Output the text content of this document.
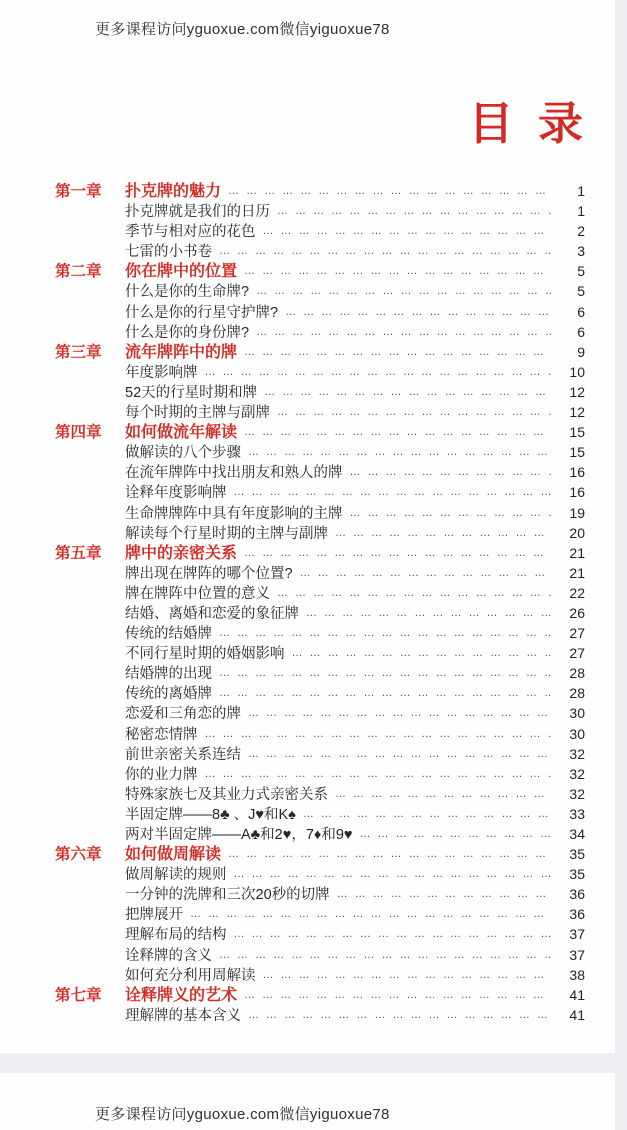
更多课程访问yguoxue.com微信yiguoxue78
目 录
第一章	扑克牌的魅力 … … … … … … … … … … … … … … … … … … … … … … … … … … … … … … … … … … … … … … … … … … … … … … … …	1
扑克牌就是我们的日历 … … … … … … … … … … … … … … … … … … … … … … … … … … … … … … … … … … … … … … … … … … … … … … … …	1
季节与相对应的花色 … … … … … … … … … … … … … … … … … … … … … … … … … … … … … … … … … … … … … … … … … … … … … … … …	2
七雷的小书卷 … … … … … … … … … … … … … … … … … … … … … … … … … … … … … … … … … … … … … … … … … … … … … … … …	3
第二章	你在牌中的位置 … … … … … … … … … … … … … … … … … … … … … … … … … … … … … … … … … … … … … … … … … … … … … … … …	5
什么是你的生命牌? … … … … … … … … … … … … … … … … … … … … … … … … … … … … … … … … … … … … … … … … … … … … … … … …	5
什么是你的行星守护牌? … … … … … … … … … … … … … … … … … … … … … … … … … … … … … … … … … … … … … … … … … … … … … … … …	6
什么是你的身份牌? … … … … … … … … … … … … … … … … … … … … … … … … … … … … … … … … … … … … … … … … … … … … … … … …	6
第三章	流年牌阵中的牌 … … … … … … … … … … … … … … … … … … … … … … … … … … … … … … … … … … … … … … … … … … … … … … … …	9
年度影响牌 … … … … … … … … … … … … … … … … … … … … … … … … … … … … … … … … … … … … … … … … … … … … … … … …	10
52天的行星时期和牌 … … … … … … … … … … … … … … … … … … … … … … … … … … … … … … … … … … … … … … … … … … … … … … … …	12
每个时期的主牌与副牌 … … … … … … … … … … … … … … … … … … … … … … … … … … … … … … … … … … … … … … … … … … … … … … … …	12
第四章	如何做流年解读 … … … … … … … … … … … … … … … … … … … … … … … … … … … … … … … … … … … … … … … … … … … … … … … …	15
做解读的八个步骤 … … … … … … … … … … … … … … … … … … … … … … … … … … … … … … … … … … … … … … … … … … … … … … … …	15
在流年牌阵中找出朋友和熟人的牌 … … … … … … … … … … … … … … … … … … … … … … … … … … … … … … … … … … … … … … … … … … … … … … … …	16
诠释年度影响牌 … … … … … … … … … … … … … … … … … … … … … … … … … … … … … … … … … … … … … … … … … … … … … … … …	16
生命牌牌阵中具有年度影响的主牌 … … … … … … … … … … … … … … … … … … … … … … … … … … … … … … … … … … … … … … … … … … … … … … … …	19
解读每个行星时期的主牌与副牌 … … … … … … … … … … … … … … … … … … … … … … … … … … … … … … … … … … … … … … … … … … … … … … … …	20
第五章	牌中的亲密关系 … … … … … … … … … … … … … … … … … … … … … … … … … … … … … … … … … … … … … … … … … … … … … … … …	21
牌出现在牌阵的哪个位置? … … … … … … … … … … … … … … … … … … … … … … … … … … … … … … … … … … … … … … … … … … … … … … … …	21
牌在牌阵中位置的意义 … … … … … … … … … … … … … … … … … … … … … … … … … … … … … … … … … … … … … … … … … … … … … … … …	22
结婚、离婚和恋爱的象征牌 … … … … … … … … … … … … … … … … … … … … … … … … … … … … … … … … … … … … … … … … … … … … … … … …	26
传统的结婚牌 … … … … … … … … … … … … … … … … … … … … … … … … … … … … … … … … … … … … … … … … … … … … … … … …	27
不同行星时期的婚姻影响 … … … … … … … … … … … … … … … … … … … … … … … … … … … … … … … … … … … … … … … … … … … … … … … …	27
结婚牌的出现 … … … … … … … … … … … … … … … … … … … … … … … … … … … … … … … … … … … … … … … … … … … … … … … …	28
传统的离婚牌 … … … … … … … … … … … … … … … … … … … … … … … … … … … … … … … … … … … … … … … … … … … … … … … …	28
恋爱和三角恋的牌 … … … … … … … … … … … … … … … … … … … … … … … … … … … … … … … … … … … … … … … … … … … … … … … …	30
秘密恋情牌 … … … … … … … … … … … … … … … … … … … … … … … … … … … … … … … … … … … … … … … … … … … … … … … …	30
前世亲密关系连结 … … … … … … … … … … … … … … … … … … … … … … … … … … … … … … … … … … … … … … … … … … … … … … … …	32
你的业力牌 … … … … … … … … … … … … … … … … … … … … … … … … … … … … … … … … … … … … … … … … … … … … … … … …	32
特殊家族七及其业力式亲密关系 … … … … … … … … … … … … … … … … … … … … … … … … … … … … … … … … … … … … … … … … … … … … … … … …	32
半固定牌——8♣ 、J♥和K♠ … … … … … … … … … … … … … … … … … … … … … … … … … … … … … … … … … … … … … … … … … … … … … … … …	33
两对半固定牌——A♣和2♥，7♦和9♥ … … … … … … … … … … … … … … … … … … … … … … … … … … … … … … … … … … … … … … … … … … … … … … … …	34
第六章	如何做周解读 … … … … … … … … … … … … … … … … … … … … … … … … … … … … … … … … … … … … … … … … … … … … … … … …	35
做周解读的规则 … … … … … … … … … … … … … … … … … … … … … … … … … … … … … … … … … … … … … … … … … … … … … … … …	35
一分钟的洗牌和三次20秒的切牌 … … … … … … … … … … … … … … … … … … … … … … … … … … … … … … … … … … … … … … … … … … … … … … … …	36
把牌展开 … … … … … … … … … … … … … … … … … … … … … … … … … … … … … … … … … … … … … … … … … … … … … … … …	36
理解布局的结构 … … … … … … … … … … … … … … … … … … … … … … … … … … … … … … … … … … … … … … … … … … … … … … … …	37
诠释牌的含义 … … … … … … … … … … … … … … … … … … … … … … … … … … … … … … … … … … … … … … … … … … … … … … … …	37
如何充分利用周解读 … … … … … … … … … … … … … … … … … … … … … … … … … … … … … … … … … … … … … … … … … … … … … … … …	38
第七章	诠释牌义的艺术 … … … … … … … … … … … … … … … … … … … … … … … … … … … … … … … … … … … … … … … … … … … … … … … …	41
理解牌的基本含义 … … … … … … … … … … … … … … … … … … … … … … … … … … … … … … … … … … … … … … … … … … … … … … … …	41
更多课程访问yguoxue.com微信yiguoxue78
